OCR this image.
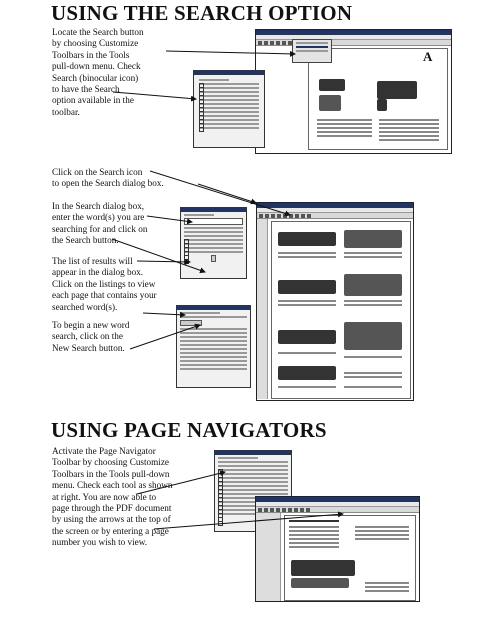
USING THE SEARCH OPTION
Locate the Search button
by choosing Customize
Toolbars in the Tools
pull-down menu. Check
Search (binocular icon)
to have the Search
option available in the
toolbar.
A
Click on the Search icon
to open the Search dialog box.
In the Search dialog box,
enter the word(s) you are
searching for and click on
the Search button.
The list of results will
appear in the dialog box.
Click on the listings to view
each page that contains your
searched word(s).
To begin a new word
search, click on the
New Search button.
USING PAGE NAVIGATORS
Activate the Page Navigator
Toolbar by choosing Customize
Toolbars in the Tools pull-down
menu. Check each tool as shown
at right. You are now able to
page through the PDF document
by using the arrows at the top of
the screen or by entering a page
number you wish to view.
